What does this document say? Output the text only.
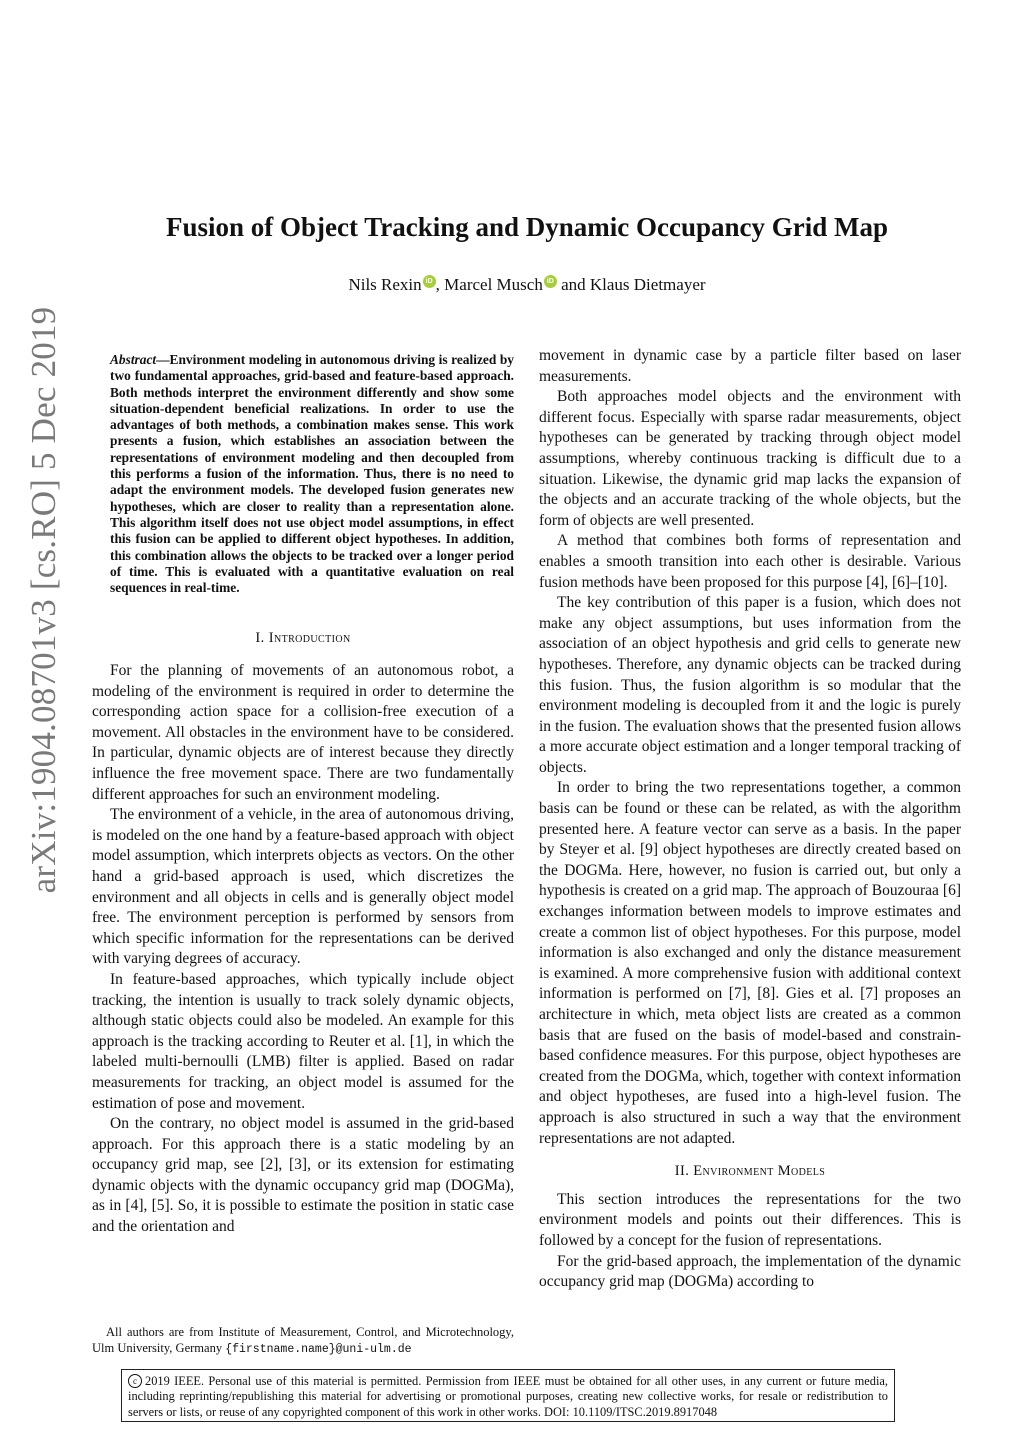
arXiv:1904.08701v3 [cs.RO] 5 Dec 2019
Fusion of Object Tracking and Dynamic Occupancy Grid Map
Nils Rexin iD , Marcel Musch iD and Klaus Dietmayer

Abstract—Environment modeling in autonomous driving is realized by two fundamental approaches, grid-based and feature-based approach. Both methods interpret the environment differently and show some situation-dependent beneficial realizations. In order to use the advantages of both methods, a combination makes sense. This work presents a fusion, which establishes an association between the representations of environment modeling and then decoupled from this performs a fusion of the information. Thus, there is no need to adapt the environment models. The developed fusion generates new hypotheses, which are closer to reality than a representation alone. This algorithm itself does not use object model assumptions, in effect this fusion can be applied to different object hypotheses. In addition, this combination allows the objects to be tracked over a longer period of time. This is evaluated with a quantitative evaluation on real sequences in real-time.

I. Introduction

For the planning of movements of an autonomous robot, a modeling of the environment is required in order to determine the corresponding action space for a collision-free execution of a movement. All obstacles in the environment have to be considered. In particular, dynamic objects are of interest because they directly influence the free movement space. There are two fundamentally different approaches for such an environment modeling.

The environment of a vehicle, in the area of autonomous driving, is modeled on the one hand by a feature-based approach with object model assumption, which interprets objects as vectors. On the other hand a grid-based approach is used, which discretizes the environment and all objects in cells and is generally object model free. The environment perception is performed by sensors from which specific information for the representations can be derived with varying degrees of accuracy.

In feature-based approaches, which typically include object tracking, the intention is usually to track solely dynamic objects, although static objects could also be modeled. An example for this approach is the tracking according to Reuter et al. [1], in which the labeled multi-bernoulli (LMB) filter is applied. Based on radar measurements for tracking, an object model is assumed for the estimation of pose and movement.

On the contrary, no object model is assumed in the grid-based approach. For this approach there is a static modeling by an occupancy grid map, see [2], [3], or its extension for estimating dynamic objects with the dynamic occupancy grid map (DOGMa), as in [4], [5]. So, it is possible to estimate the position in static case and the orientation and

movement in dynamic case by a particle filter based on laser measurements.

Both approaches model objects and the environment with different focus. Especially with sparse radar measurements, object hypotheses can be generated by tracking through object model assumptions, whereby continuous tracking is difficult due to a situation. Likewise, the dynamic grid map lacks the expansion of the objects and an accurate tracking of the whole objects, but the form of objects are well presented.

A method that combines both forms of representation and enables a smooth transition into each other is desirable. Various fusion methods have been proposed for this purpose [4], [6]–[10].

The key contribution of this paper is a fusion, which does not make any object assumptions, but uses information from the association of an object hypothesis and grid cells to generate new hypotheses. Therefore, any dynamic objects can be tracked during this fusion. Thus, the fusion algorithm is so modular that the environment modeling is decoupled from it and the logic is purely in the fusion. The evaluation shows that the presented fusion allows a more accurate object estimation and a longer temporal tracking of objects.

In order to bring the two representations together, a common basis can be found or these can be related, as with the algorithm presented here. A feature vector can serve as a basis. In the paper by Steyer et al. [9] object hypotheses are directly created based on the DOGMa. Here, however, no fusion is carried out, but only a hypothesis is created on a grid map. The approach of Bouzouraa [6] exchanges information between models to improve estimates and create a common list of object hypotheses. For this purpose, model information is also exchanged and only the distance measurement is examined. A more comprehensive fusion with additional context information is performed on [7], [8]. Gies et al. [7] proposes an architecture in which, meta object lists are created as a common basis that are fused on the basis of model-based and constrain-based confidence measures. For this purpose, object hypotheses are created from the DOGMa, which, together with context information and object hypotheses, are fused into a high-level fusion. The approach is also structured in such a way that the environment representations are not adapted.

II. Environment Models

This section introduces the representations for the two environment models and points out their differences. This is followed by a concept for the fusion of representations.

For the grid-based approach, the implementation of the dynamic occupancy grid map (DOGMa) according to

All authors are from Institute of Measurement, Control, and Microtechnology, Ulm University, Germany {firstname.name}@uni-ulm.de

c 2019 IEEE. Personal use of this material is permitted. Permission from IEEE must be obtained for all other uses, in any current or future media, including reprinting/republishing this material for advertising or promotional purposes, creating new collective works, for resale or redistribution to servers or lists, or reuse of any copyrighted component of this work in other works. DOI: 10.1109/ITSC.2019.8917048
